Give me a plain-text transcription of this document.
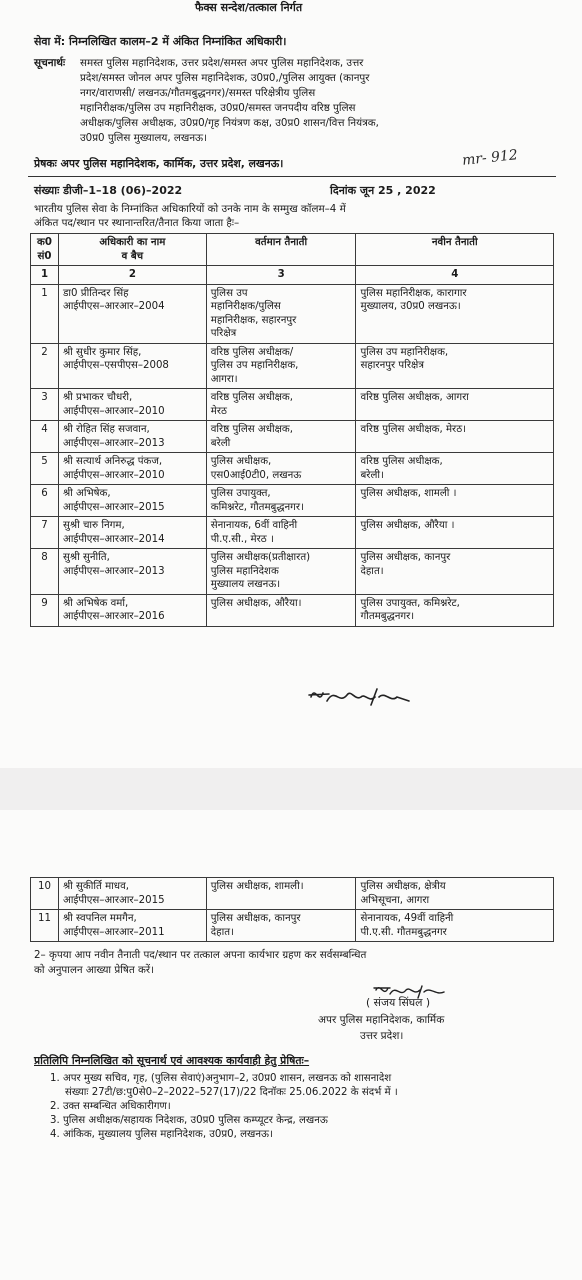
फैक्स सन्देश/तत्काल निर्गत
सेवा में: निम्नलिखित कालम–2 में अंकित निम्नांकित अधिकारी।
सूचनार्थः समस्त पुलिस महानिदेशक, उत्तर प्रदेश/समस्त अपर पुलिस महानिदेशक, उत्तर
प्रदेश/समस्त जोनल अपर पुलिस महानिदेशक, उ0प्र0,/पुलिस आयुक्त (कानपुर
नगर/वाराणसी/ लखनऊ/गौतमबुद्धनगर)/समस्त परिक्षेत्रीय पुलिस
महानिरीक्षक/पुलिस उप महानिरीक्षक, उ0प्र0/समस्त जनपदीय वरिष्ठ पुलिस
अधीक्षक/पुलिस अधीक्षक, उ0प्र0/गृह नियंत्रण कक्ष, उ0प्र0 शासन/वित्त नियंत्रक,
उ0प्र0 पुलिस मुख्यालय, लखनऊ।
प्रेषकः अपर पुलिस महानिदेशक, कार्मिक, उत्तर प्रदेश, लखनऊ।	mr- 912
संख्याः डीजी–1–18 (06)–2022	दिनांक जून 25 , 2022
भारतीय पुलिस सेवा के निम्नांकित अधिकारियों को उनके नाम के सम्मुख कॉलम–4 में
अंकित पद/स्थान पर स्थानान्तरित/तैनात किया जाता हैः–
क0
सं0	अधिकारी का नाम
व बैच	वर्तमान तैनाती	नवीन तैनाती

1	2	3	4

1	डा0 प्रीतिन्दर सिंह
आईपीएस–आरआर–2004	पुलिस उप
महानिरीक्षक/पुलिस
महानिरीक्षक, सहारनपुर
परिक्षेत्र	पुलिस महानिरीक्षक, कारागार
मुख्यालय, उ0प्र0 लखनऊ।

2	श्री सुधीर कुमार सिंह,
आईपीएस–एसपीएस–2008	वरिष्ठ पुलिस अधीक्षक/
पुलिस उप महानिरीक्षक,
आगरा।	पुलिस उप महानिरीक्षक,
सहारनपुर परिक्षेत्र

3	श्री प्रभाकर चौधरी,
आईपीएस–आरआर–2010	वरिष्ठ पुलिस अधीक्षक,
मेरठ	वरिष्ठ पुलिस अधीक्षक, आगरा

4	श्री रोहित सिंह सजवान,
आईपीएस–आरआर–2013	वरिष्ठ पुलिस अधीक्षक,
बरेली	वरिष्ठ पुलिस अधीक्षक, मेरठ।

5	श्री सत्यार्थ अनिरुद्ध पंकज,
आईपीएस–आरआर–2010	पुलिस अधीक्षक,
एस0आई0टी0, लखनऊ	वरिष्ठ पुलिस अधीक्षक,
बरेली।

6	श्री अभिषेक,
आईपीएस–आरआर–2015	पुलिस उपायुक्त,
कमिश्नरेट, गौतमबुद्धनगर।	पुलिस अधीक्षक, शामली ।

7	सुश्री चारु निगम,
आईपीएस–आरआर–2014	सेनानायक, 6वीं वाहिनी
पी.ए.सी., मेरठ ।	पुलिस अधीक्षक, औरैया ।

8	सुश्री सुनीति,
आईपीएस–आरआर–2013	पुलिस अधीक्षक(प्रतीक्षारत)
पुलिस महानिदेशक
मुख्यालय लखनऊ।	पुलिस अधीक्षक, कानपुर
देहात।

9	श्री अभिषेक वर्मा,
आईपीएस–आरआर–2016	पुलिस अधीक्षक, औरैया।	पुलिस उपायुक्त, कमिश्नरेट,
गौतमबुद्धनगर।
10	श्री सुकीर्ति माधव,
आईपीएस–आरआर–2015	पुलिस अधीक्षक, शामली।	पुलिस अधीक्षक, क्षेत्रीय
अभिसूचना, आगरा

11	श्री स्वपनिल ममगैन,
आईपीएस–आरआर–2011	पुलिस अधीक्षक, कानपुर
देहात।	सेनानायक, 49वीं वाहिनी
पी.ए.सी. गौतमबुद्धनगर
2– कृपया आप नवीन तैनाती पद/स्थान पर तत्काल अपना कार्यभार ग्रहण कर सर्वसम्बन्धित
को अनुपालन आख्या प्रेषित करें।
( संजय सिंघल )
अपर पुलिस महानिदेशक, कार्मिक
उत्तर प्रदेश।
प्रतिलिपि निम्नलिखित को सूचनार्थ एवं आवश्यक कार्यवाही हेतु प्रेषितः–
1. अपर मुख्य सचिव, गृह, (पुलिस सेवाएं)अनुभाग–2, उ0प्र0 शासन, लखनऊ को शासनादेश
संख्याः 27टी/छ:पु0से0–2–2022–527(17)/22 दिनॉकः 25.06.2022 के संदर्भ में ।
2. उक्त सम्बन्धित अधिकारीगण।
3. पुलिस अधीक्षक/सहायक निदेशक, उ0प्र0 पुलिस कम्प्यूटर केन्द्र, लखनऊ
4. आंकिक, मुख्यालय पुलिस महानिदेशक, उ0प्र0, लखनऊ।
